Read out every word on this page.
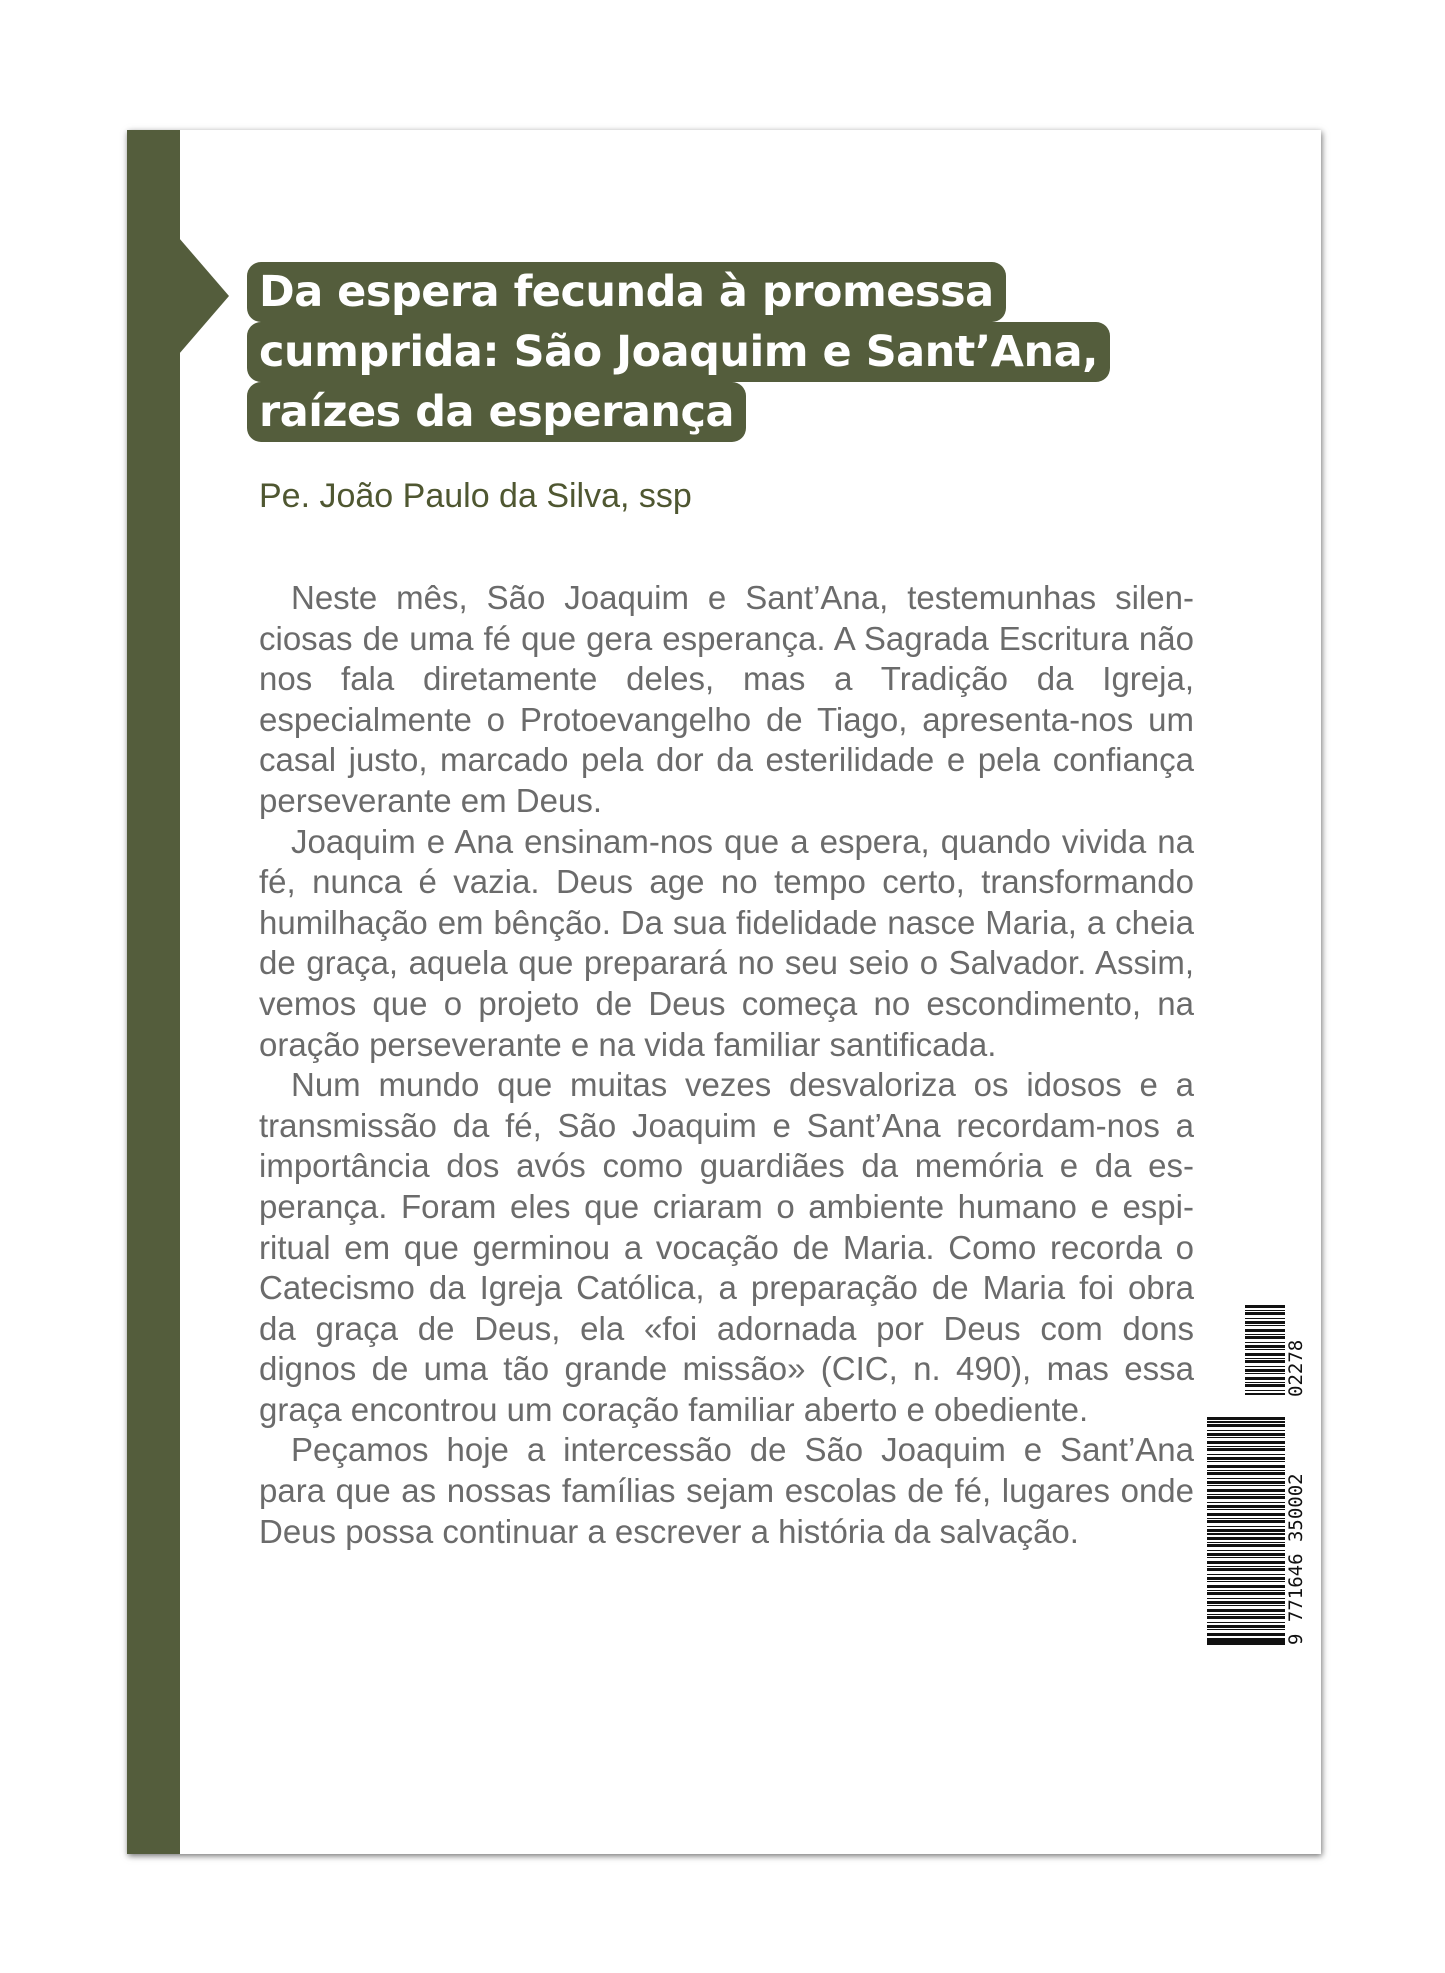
Da espera fecunda à promessa
cumprida: São Joaquim e Sant’Ana,
raízes da esperança

Pe. João Paulo da Silva, ssp

Neste mês, São Joaquim e Sant’Ana, testemunhas silenciosas de uma fé que gera esperança. A Sagrada Escritura não nos fala diretamente deles, mas a Tradição da Igreja, especialmente o Protoevangelho de Tiago, apresenta-nos um casal justo, marcado pela dor da esterilidade e pela confiança perseverante em Deus.

Joaquim e Ana ensinam-nos que a espera, quando vivida na fé, nunca é vazia. Deus age no tempo certo, transformando humilhação em bênção. Da sua fidelidade nasce Maria, a cheia de graça, aquela que preparará no seu seio o Salvador. Assim, vemos que o projeto de Deus começa no escondimento, na oração perseverante e na vida familiar santificada.

Num mundo que muitas vezes desvaloriza os idosos e a transmissão da fé, São Joaquim e Sant’Ana recordam-nos a importância dos avós como guardiães da memória e da esperança. Foram eles que criaram o ambiente humano e espiritual em que germinou a vocação de Maria. Como recorda o Catecismo da Igreja Católica, a preparação de Maria foi obra da graça de Deus, ela «foi adornada por Deus com dons dignos de uma tão grande missão» (CIC, n. 490), mas essa graça encontrou um coração familiar aberto e obediente.

Peçamos hoje a intercessão de São Joaquim e Sant’Ana para que as nossas famílias sejam escolas de fé, lugares onde Deus possa continuar a escrever a história da salvação.

02278
9 771646 350002
